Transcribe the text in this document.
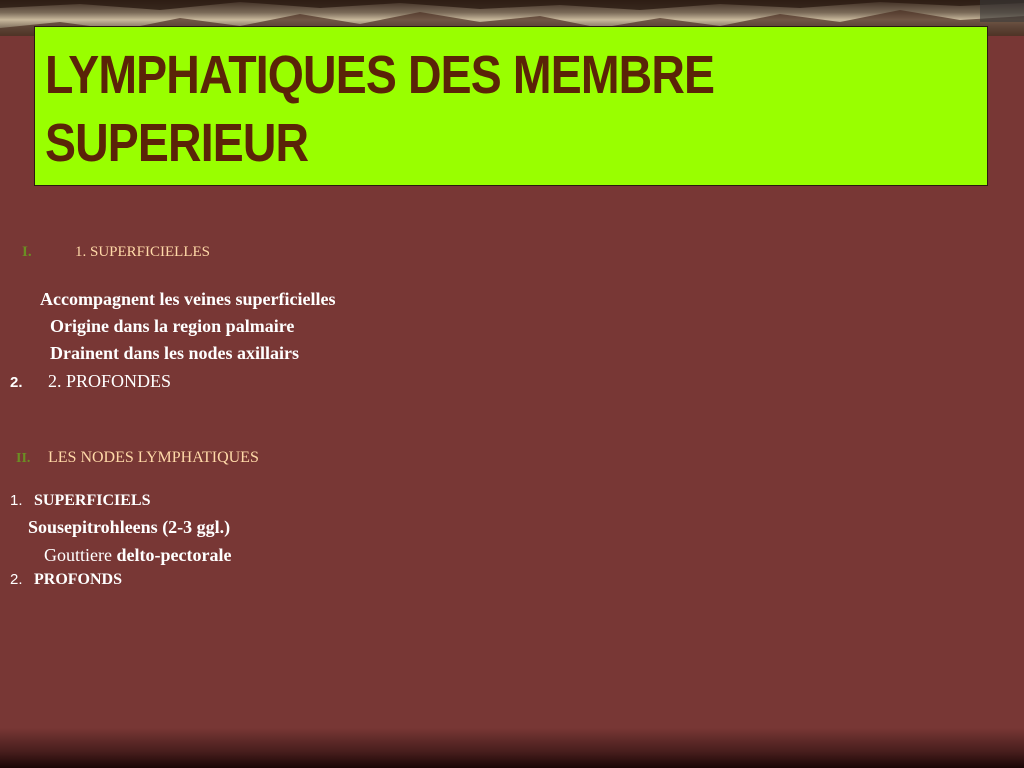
LYMPHATIQUES DES MEMBRE SUPERIEUR

I.	1. SUPERFICIELLES

Accompagnent les veines superficielles

Origine dans la region palmaire

Drainent dans les nodes axillairs

2. 2. PROFONDES

II. LES NODES LYMPHATIQUES

1. SUPERFICIELS

Sousepitrohleens (2-3 ggl.)

Gouttiere delto-pectorale

2. PROFONDS
